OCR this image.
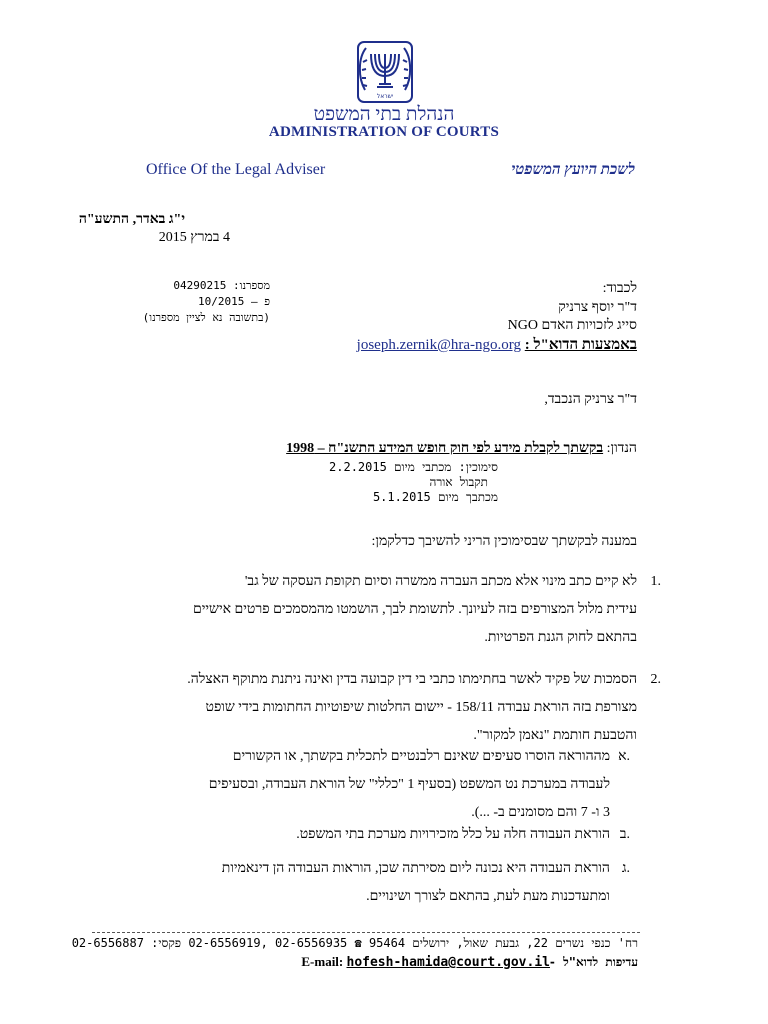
ישראל
הנהלת בתי המשפט
ADMINISTRATION OF COURTS
Office Of the Legal Adviser	לשכת היועץ המשפטי
י"ג באדר, התשע"ה
4 במרץ 2015
מספרנו: 04290215
פ — 10/2015
(בתשובה נא לציין מספרנו)
לכבוד:
ד"ר יוסף צרניק
סייג לזכויות האדם NGO
באמצעות הדוא"ל : joseph.zernik@hra-ngo.org
ד"ר צרניק הנכבד,
הנדון: בקשתך לקבלת מידע לפי חוק חופש המידע התשנ"ח – 1998
סימוכין: מכתבי מיום 2.2.2015
תקבול אורה
מכתבך מיום 5.1.2015
במענה לבקשתך שבסימוכין הריני להשיבך כדלקמן:
.1
לא קיים כתב מינוי אלא מכתב העברה ממשרה וסיום תקופת העסקה של גב'
עידית מלול המצורפים בזה לעיונך. לתשומת לבך, הושמטו מהמסמכים פרטים אישיים
בהתאם לחוק הגנת הפרטיות.
.2
הסמכות של פקיד לאשר בחתימתו כתבי בי דין קבועה בדין ואינה ניתנת מתוקף האצלה.
מצורפת בזה הוראת עבודה 158/11 - יישום החלטות שיפוטיות החתומות בידי שופט
והטבעת חותמת "נאמן למקור".
.א
מההוראה הוסרו סעיפים שאינם רלבנטיים לתכלית בקשתך, או הקשורים
לעבודה במערכת נט המשפט (בסעיף 1 "כללי" של הוראת העבודה, ובסעיפים
3 ו- 7 והם מסומנים ב- ...).
.ב
הוראת העבודה חלה על כלל מזכירויות מערכת בתי המשפט.
.ג
הוראת העבודה היא נכונה ליום מסירתה שכן, הוראות העבודה הן דינאמיות
ומתעדכנות מעת לעת, בהתאם לצורך ושינויים.
רח' כנפי נשרים 22, גבעת שאול, ירושלים 95464 ☎ 02-6556935 ,02-6556919 פקסי: 02-6556887
E-mail: hofesh-hamida@court.gov.il
עדיפות לדוא"ל -
